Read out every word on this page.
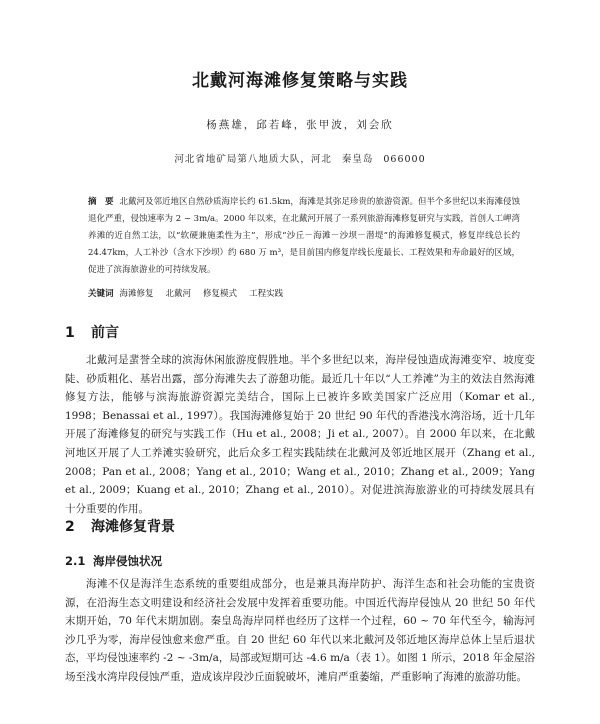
北戴河海滩修复策略与实践
杨燕雄，邱若峰，张甲波，刘会欣
河北省地矿局第八地质大队，河北 秦皇岛 066000
摘　要 北戴河及邻近地区自然砂质海岸长约 61.5km，海滩是其弥足珍贵的旅游资源。但半个多世纪以来海滩侵蚀退化严重，侵蚀速率为 2 ~ 3m/a。2000 年以来，在北戴河开展了一系列旅游海滩修复研究与实践，首创人工岬湾养滩的近自然工法，以“软硬兼施柔性为主”，形成“沙丘－海滩－沙坝－潜堤”的海滩修复模式，修复岸线总长约 24.47km，人工补沙（含水下沙坝）约 680 万 m³，是目前国内修复岸线长度最长、工程效果和寿命最好的区域，促进了滨海旅游业的可持续发展。
关键词 海滩修复 北戴河 修复模式 工程实践
1 前言
北戴河是蜚誉全球的滨海休闲旅游度假胜地。半个多世纪以来，海岸侵蚀造成海滩变窄、坡度变陡、砂质粗化、基岩出露，部分海滩失去了游憩功能。最近几十年以“人工养滩”为主的效法自然海滩修复方法，能够与滨海旅游资源完美结合，国际上已被许多欧美国家广泛应用（Komar et al., 1998；Benassai et al., 1997）。我国海滩修复始于 20 世纪 90 年代的香港浅水湾浴场，近十几年开展了海滩修复的研究与实践工作（Hu et al., 2008；Ji et al., 2007）。自 2000 年以来，在北戴河地区开展了人工养滩实验研究，此后众多工程实践陆续在北戴河及邻近地区展开（Zhang et al., 2008；Pan et al., 2008；Yang et al., 2010；Wang et al., 2010；Zhang et al., 2009；Yang et al., 2009；Kuang et al., 2010；Zhang et al., 2010）。对促进滨海旅游业的可持续发展具有十分重要的作用。
2 海滩修复背景
2.1 海岸侵蚀状况
海滩不仅是海洋生态系统的重要组成部分，也是兼具海岸防护、海洋生态和社会功能的宝贵资源，在沿海生态文明建设和经济社会发展中发挥着重要功能。中国近代海岸侵蚀从 20 世纪 50 年代末期开始，70 年代末期加剧。秦皇岛海岸同样也经历了这样一个过程，60 ~ 70 年代至今，输海河沙几乎为零，海岸侵蚀愈来愈严重。自 20 世纪 60 年代以来北戴河及邻近地区海岸总体上呈后退状态，平均侵蚀速率约 -2 ~ -3m/a，局部或短期可达 -4.6 m/a（表 1）。如图 1 所示，2018 年金屋浴场至浅水湾岸段侵蚀严重，造成该岸段沙丘面貌破坏，滩肩严重萎缩，严重影响了海滩的旅游功能。
